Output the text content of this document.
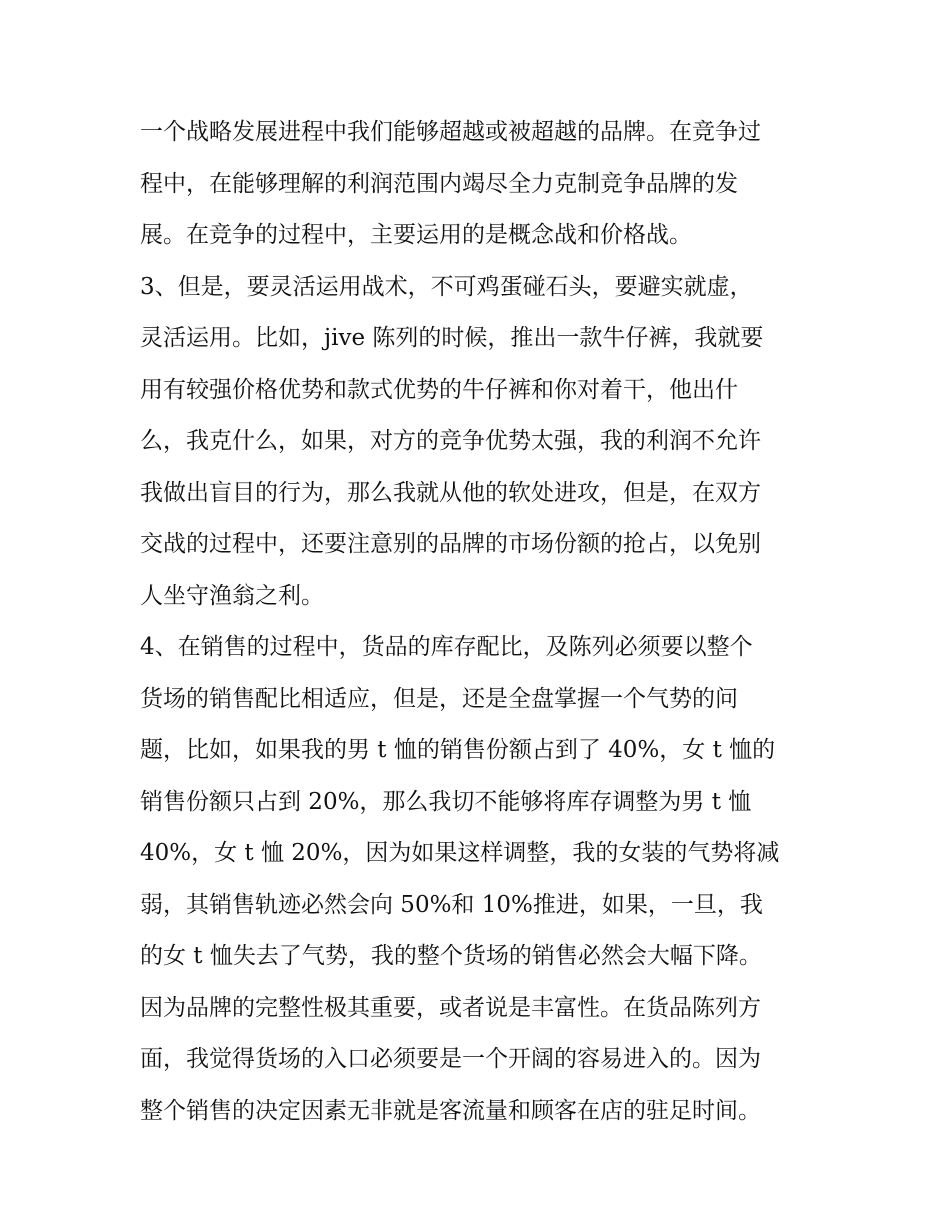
一个战略发展进程中我们能够超越或被超越的品牌。在竞争过
程中，在能够理解的利润范围内竭尽全力克制竞争品牌的发
展。在竞争的过程中，主要运用的是概念战和价格战。
3、但是，要灵活运用战术，不可鸡蛋碰石头，要避实就虚，
灵活运用。比如，jive 陈列的时候，推出一款牛仔裤，我就要
用有较强价格优势和款式优势的牛仔裤和你对着干，他出什
么，我克什么，如果，对方的竞争优势太强，我的利润不允许
我做出盲目的行为，那么我就从他的软处进攻，但是，在双方
交战的过程中，还要注意别的品牌的市场份额的抢占，以免别
人坐守渔翁之利。
4、在销售的过程中，货品的库存配比，及陈列必须要以整个
货场的销售配比相适应，但是，还是全盘掌握一个气势的问
题，比如，如果我的男 t 恤的销售份额占到了 40%，女 t 恤的
销售份额只占到 20%，那么我切不能够将库存调整为男 t 恤
40%，女 t 恤 20%，因为如果这样调整，我的女装的气势将减
弱，其销售轨迹必然会向 50%和 10%推进，如果，一旦，我
的女 t 恤失去了气势，我的整个货场的销售必然会大幅下降。
因为品牌的完整性极其重要，或者说是丰富性。在货品陈列方
面，我觉得货场的入口必须要是一个开阔的容易进入的。因为
整个销售的决定因素无非就是客流量和顾客在店的驻足时间。
